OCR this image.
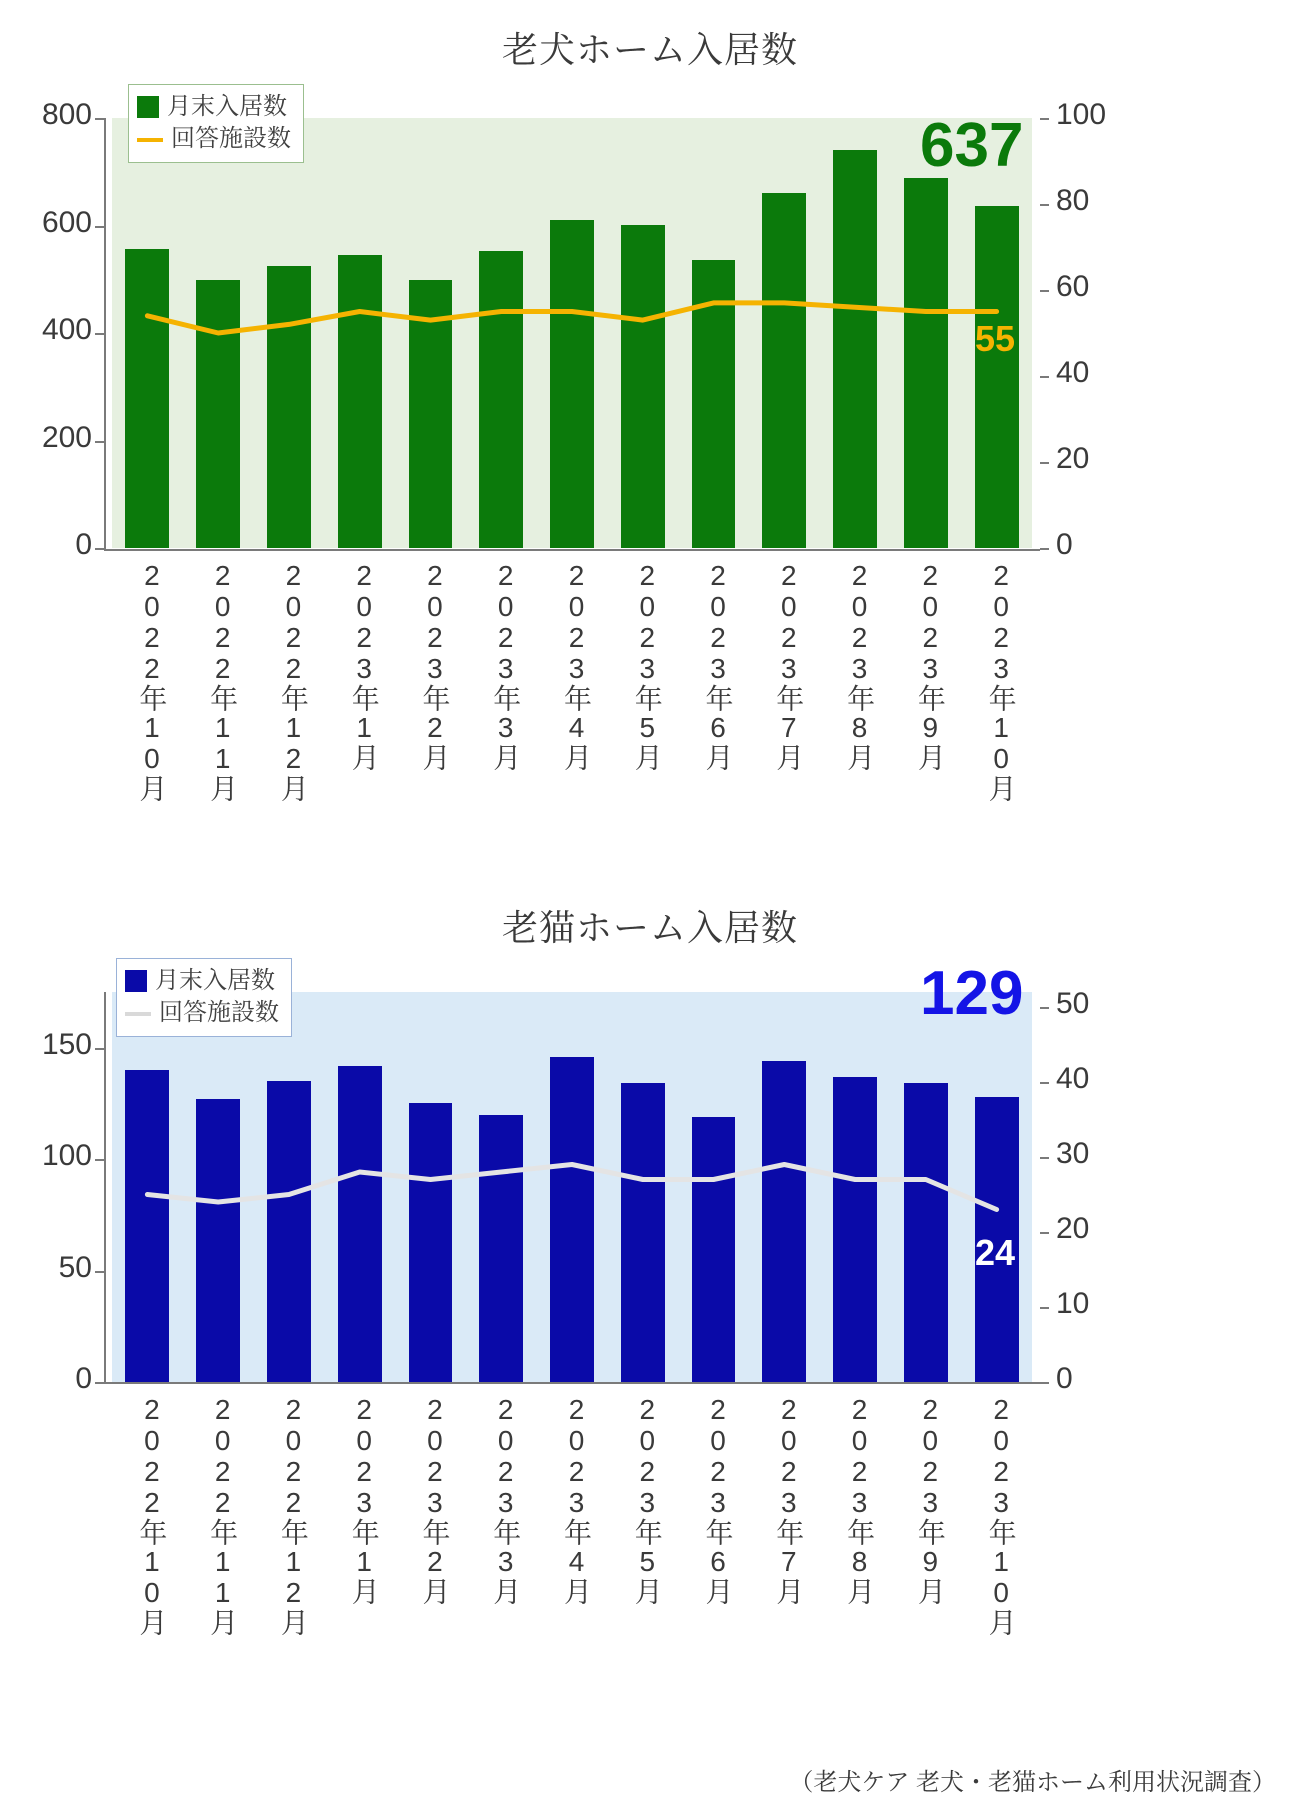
老犬ホーム入居数
0
200
400
600
800
0
20
40
60
80
100
2022年10月 2022年11月 2022年12月 2023年1月 2023年2月 2023年3月 2023年4月 2023年5月 2023年6月 2023年7月 2023年8月 2023年9月 2023年10月
月末入居数
回答施設数	637
55
老猫ホーム入居数
0
50
100
150
0
10
20
30
40
50
2022年10月 2022年11月 2022年12月 2023年1月 2023年2月 2023年3月 2023年4月 2023年5月 2023年6月 2023年7月 2023年8月 2023年9月 2023年10月
月末入居数
回答施設数	129
24
（老犬ケア 老犬・老猫ホーム利用状況調査）
